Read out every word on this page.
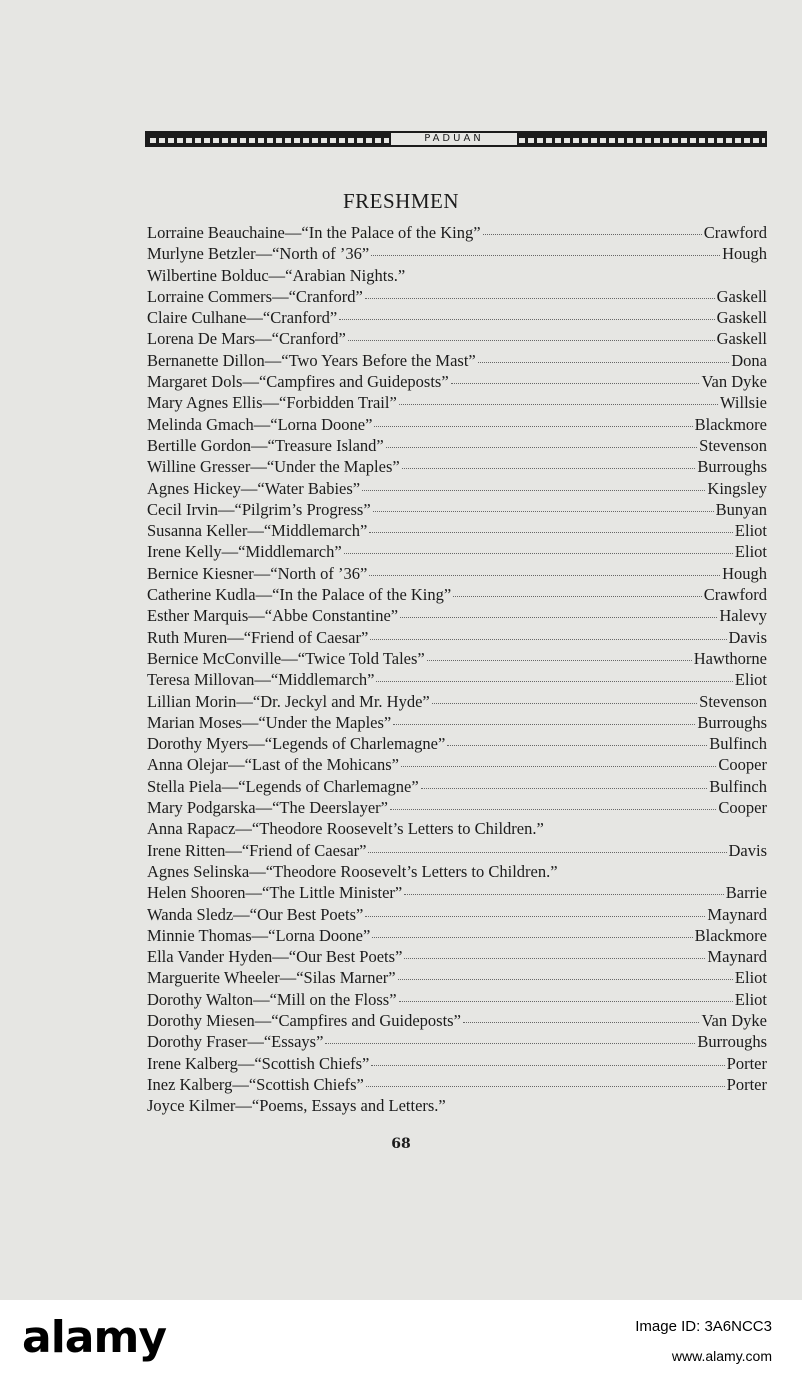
PADUAN
FRESHMEN
Lorraine Beauchaine—“In the Palace of the King”	Crawford
Murlyne Betzler—“North of ’36”	Hough
Wilbertine Bolduc—“Arabian Nights.”
Lorraine Commers—“Cranford”	Gaskell
Claire Culhane—“Cranford”	Gaskell
Lorena De Mars—“Cranford”	Gaskell
Bernanette Dillon—“Two Years Before the Mast”	Dona
Margaret Dols—“Campfires and Guideposts”	Van Dyke
Mary Agnes Ellis—“Forbidden Trail”	Willsie
Melinda Gmach—“Lorna Doone”	Blackmore
Bertille Gordon—“Treasure Island”	Stevenson
Willine Gresser—“Under the Maples”	Burroughs
Agnes Hickey—“Water Babies”	Kingsley
Cecil Irvin—“Pilgrim’s Progress”	Bunyan
Susanna Keller—“Middlemarch”	Eliot
Irene Kelly—“Middlemarch”	Eliot
Bernice Kiesner—“North of ’36”	Hough
Catherine Kudla—“In the Palace of the King”	Crawford
Esther Marquis—“Abbe Constantine”	Halevy
Ruth Muren—“Friend of Caesar”	Davis
Bernice McConville—“Twice Told Tales”	Hawthorne
Teresa Millovan—“Middlemarch”	Eliot
Lillian Morin—“Dr. Jeckyl and Mr. Hyde”	Stevenson
Marian Moses—“Under the Maples”	Burroughs
Dorothy Myers—“Legends of Charlemagne”	Bulfinch
Anna Olejar—“Last of the Mohicans”	Cooper
Stella Piela—“Legends of Charlemagne”	Bulfinch
Mary Podgarska—“The Deerslayer”	Cooper
Anna Rapacz—“Theodore Roosevelt’s Letters to Children.”
Irene Ritten—“Friend of Caesar”	Davis
Agnes Selinska—“Theodore Roosevelt’s Letters to Children.”
Helen Shooren—“The Little Minister”	Barrie
Wanda Sledz—“Our Best Poets”	Maynard
Minnie Thomas—“Lorna Doone”	Blackmore
Ella Vander Hyden—“Our Best Poets”	Maynard
Marguerite Wheeler—“Silas Marner”	Eliot
Dorothy Walton—“Mill on the Floss”	Eliot
Dorothy Miesen—“Campfires and Guideposts”	Van Dyke
Dorothy Fraser—“Essays”	Burroughs
Irene Kalberg—“Scottish Chiefs”	Porter
Inez Kalberg—“Scottish Chiefs”	Porter
Joyce Kilmer—“Poems, Essays and Letters.”
68
alamy	Image ID: 3A6NCC3
www.alamy.com
